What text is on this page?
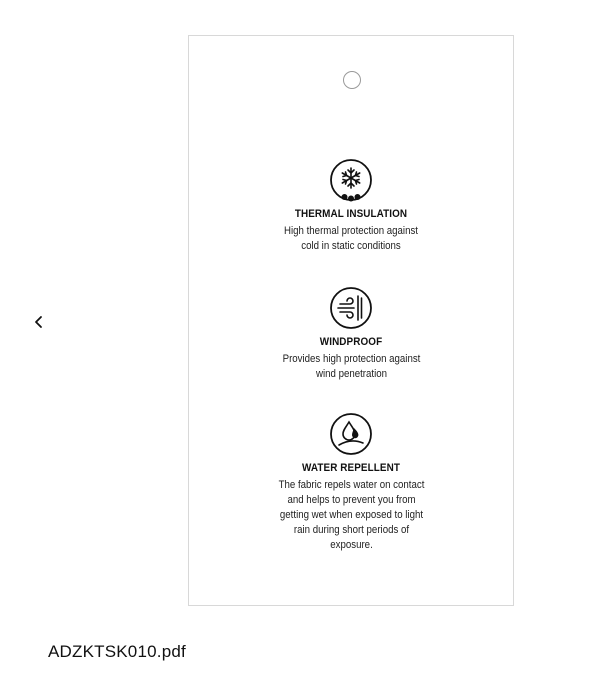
THERMAL INSULATION
High thermal protection against cold in static conditions
WINDPROOF
Provides high protection against wind penetration
WATER REPELLENT
The fabric repels water on contact and helps to prevent you from getting wet when exposed to light rain during short periods of exposure.
ADZKTSK010.pdf
